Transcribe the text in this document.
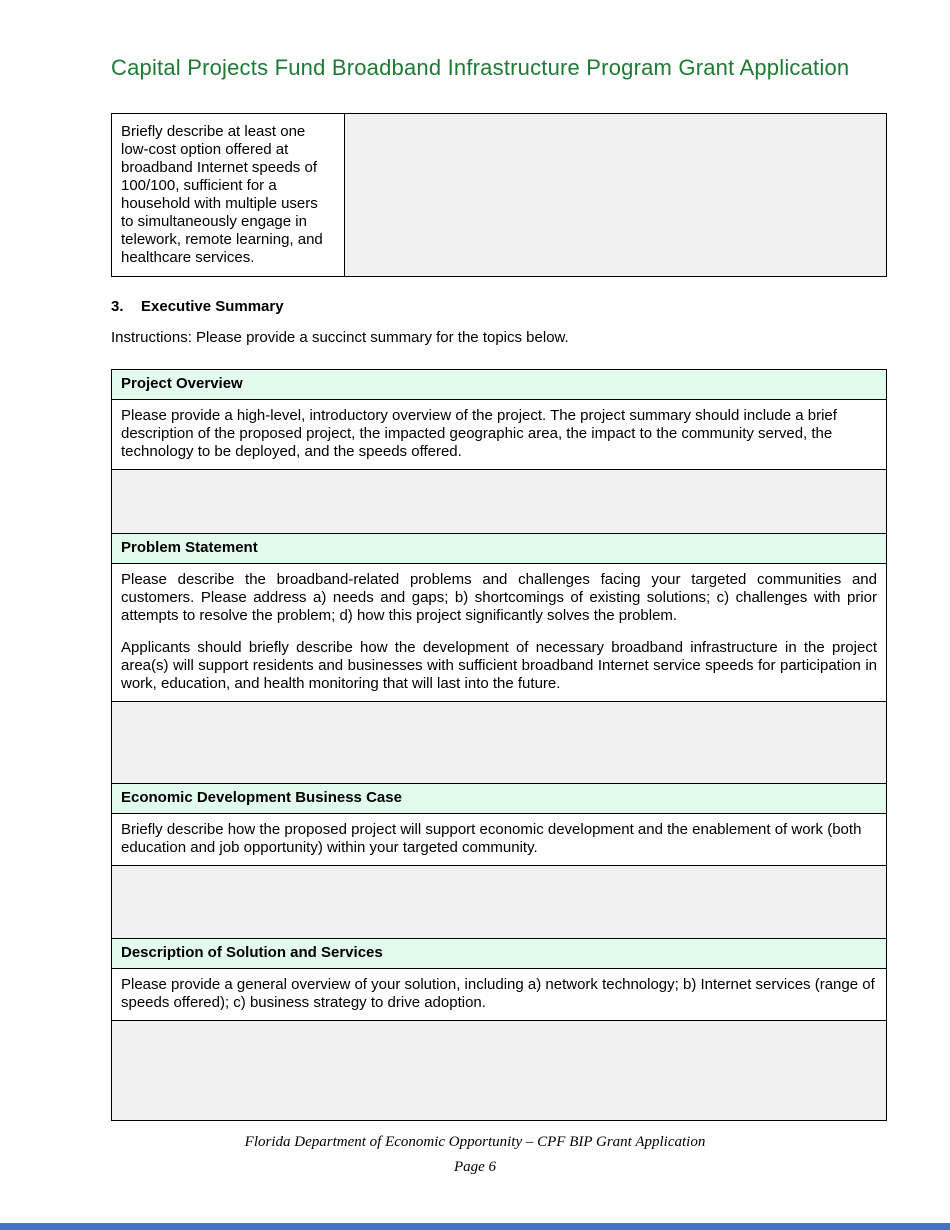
Capital Projects Fund Broadband Infrastructure Program Grant Application
Briefly describe at least one low-cost option offered at broadband Internet speeds of 100/100, sufficient for a household with multiple users to simultaneously engage in telework, remote learning, and healthcare services.	
3. Executive Summary

Instructions: Please provide a succinct summary for the topics below.

Project Overview

Please provide a high-level, introductory overview of the project. The project summary should include a brief description of the proposed project, the impacted geographic area, the impact to the community served, the technology to be deployed, and the speeds offered.

Problem Statement

Please describe the broadband-related problems and challenges facing your targeted communities and customers. Please address a) needs and gaps; b) shortcomings of existing solutions; c) challenges with prior attempts to resolve the problem; d) how this project significantly solves the problem.

Applicants should briefly describe how the development of necessary broadband infrastructure in the project area(s) will support residents and businesses with sufficient broadband Internet service speeds for participation in work, education, and health monitoring that will last into the future.

Economic Development Business Case

Briefly describe how the proposed project will support economic development and the enablement of work (both education and job opportunity) within your targeted community.

Description of Solution and Services

Please provide a general overview of your solution, including a) network technology; b) Internet services (range of speeds offered); c) business strategy to drive adoption.

Florida Department of Economic Opportunity – CPF BIP Grant Application
Page 6
